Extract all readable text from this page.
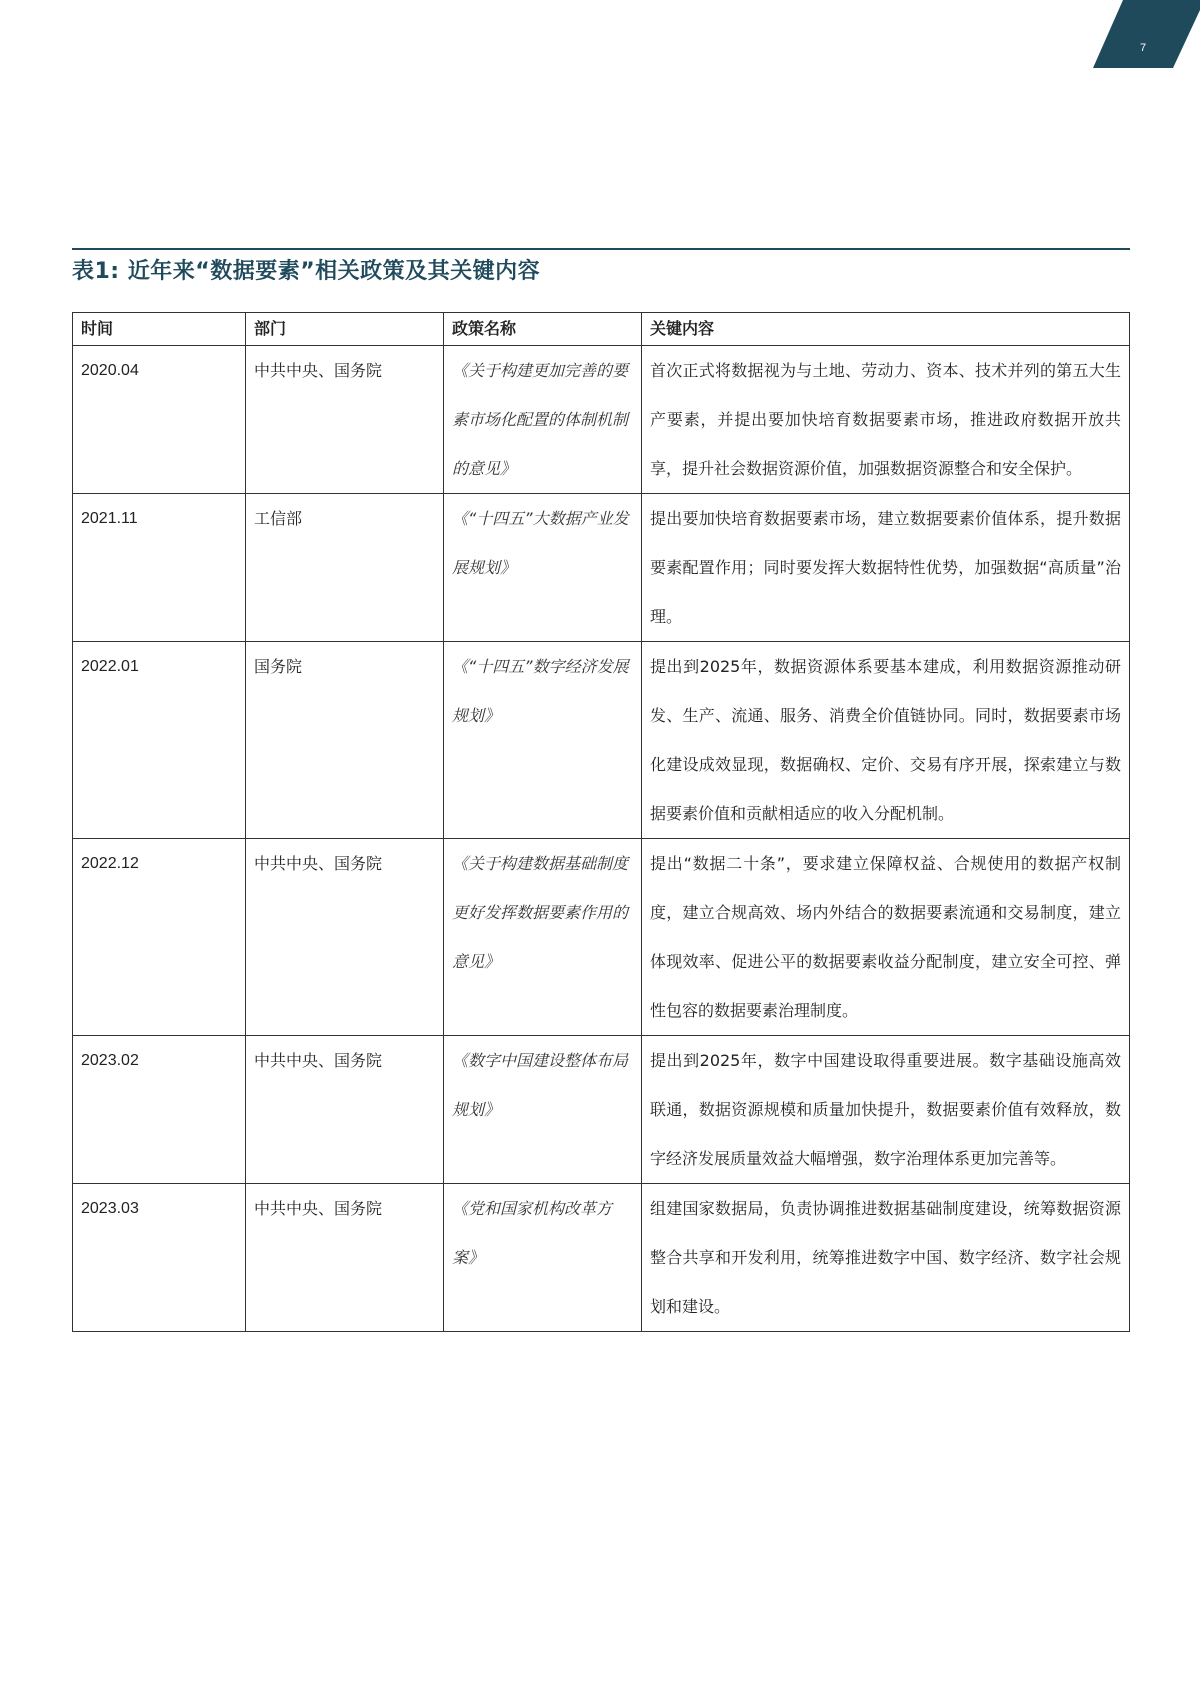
7
表1: 近年来“数据要素”相关政策及其关键内容
时间	部门	政策名称	关键内容
2020.04	中共中央、国务院	《关于构建更加完善的要素市场化配置的体制机制的意见》	首次正式将数据视为与土地、劳动力、资本、技术并列的第五大生产要素，并提出要加快培育数据要素市场，推进政府数据开放共享，提升社会数据资源价值，加强数据资源整合和安全保护。
2021.11	工信部	《“十四五”大数据产业发展规划》	提出要加快培育数据要素市场，建立数据要素价值体系，提升数据要素配置作用；同时要发挥大数据特性优势，加强数据“高质量”治理。
2022.01	国务院	《“十四五”数字经济发展规划》	提出到2025年，数据资源体系要基本建成，利用数据资源推动研发、生产、流通、服务、消费全价值链协同。同时，数据要素市场化建设成效显现，数据确权、定价、交易有序开展，探索建立与数据要素价值和贡献相适应的收入分配机制。
2022.12	中共中央、国务院	《关于构建数据基础制度更好发挥数据要素作用的意见》	提出“数据二十条”，要求建立保障权益、合规使用的数据产权制度，建立合规高效、场内外结合的数据要素流通和交易制度，建立体现效率、促进公平的数据要素收益分配制度，建立安全可控、弹性包容的数据要素治理制度。
2023.02	中共中央、国务院	《数字中国建设整体布局规划》	提出到2025年，数字中国建设取得重要进展。数字基础设施高效联通，数据资源规模和质量加快提升，数据要素价值有效释放，数字经济发展质量效益大幅增强，数字治理体系更加完善等。
2023.03	中共中央、国务院	《党和国家机构改革方案》	组建国家数据局，负责协调推进数据基础制度建设，统筹数据资源整合共享和开发利用，统筹推进数字中国、数字经济、数字社会规划和建设。
